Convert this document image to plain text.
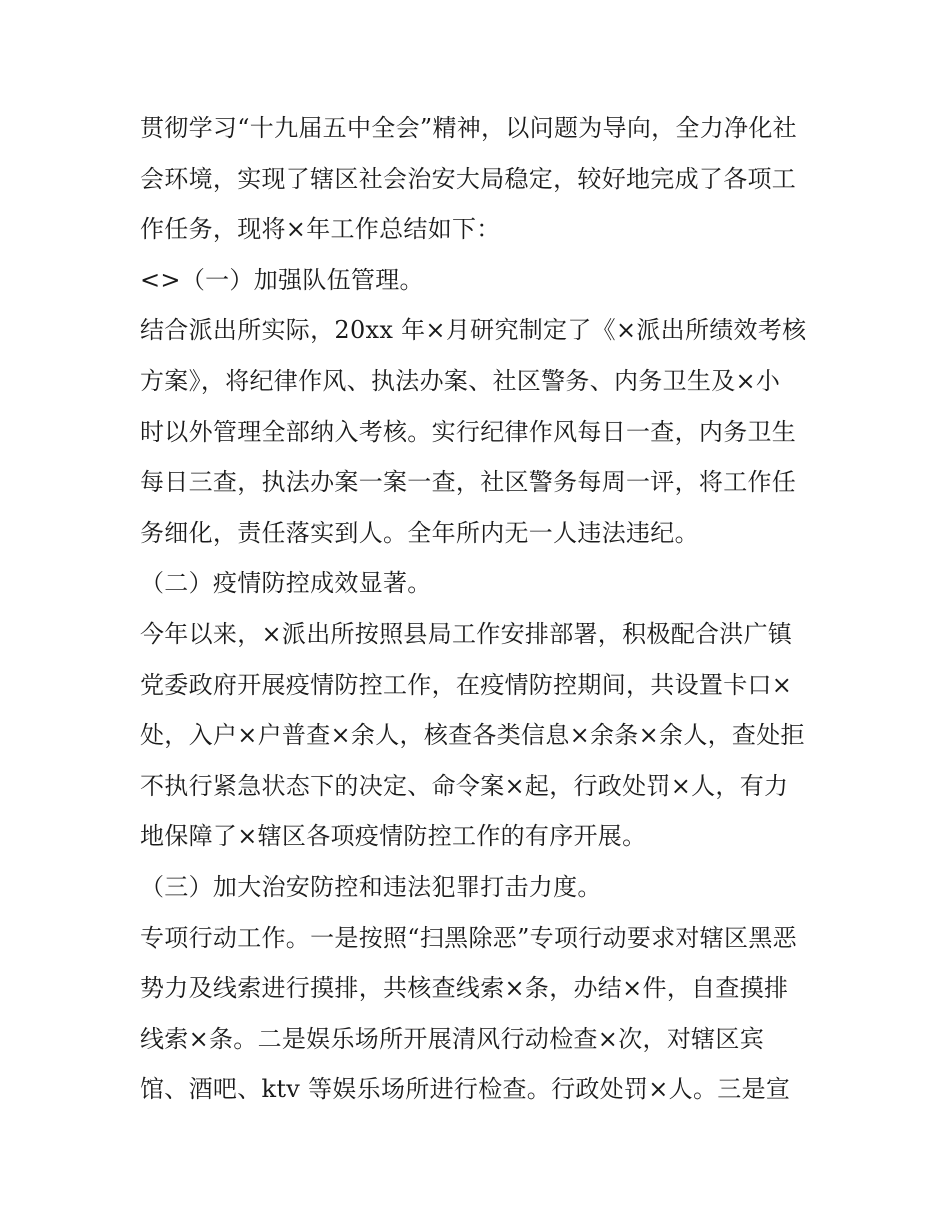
贯彻学习“十九届五中全会”精神，以问题为导向，全力净化社
会环境，实现了辖区社会治安大局稳定，较好地完成了各项工
作任务，现将×年工作总结如下：
<>（一）加强队伍管理。
结合派出所实际，20xx 年×月研究制定了《×派出所绩效考核
方案》，将纪律作风、执法办案、社区警务、内务卫生及×小
时以外管理全部纳入考核。实行纪律作风每日一查，内务卫生
每日三查，执法办案一案一查，社区警务每周一评，将工作任
务细化，责任落实到人。全年所内无一人违法违纪。
（二）疫情防控成效显著。
今年以来，×派出所按照县局工作安排部署，积极配合洪广镇
党委政府开展疫情防控工作，在疫情防控期间，共设置卡口×
处，入户×户普查×余人，核查各类信息×余条×余人，查处拒
不执行紧急状态下的决定、命令案×起，行政处罚×人，有力
地保障了×辖区各项疫情防控工作的有序开展。
（三）加大治安防控和违法犯罪打击力度。
专项行动工作。一是按照“扫黑除恶”专项行动要求对辖区黑恶
势力及线索进行摸排，共核查线索×条，办结×件，自查摸排
线索×条。二是娱乐场所开展清风行动检查×次，对辖区宾
馆、酒吧、ktv 等娱乐场所进行检查。行政处罚×人。三是宣
